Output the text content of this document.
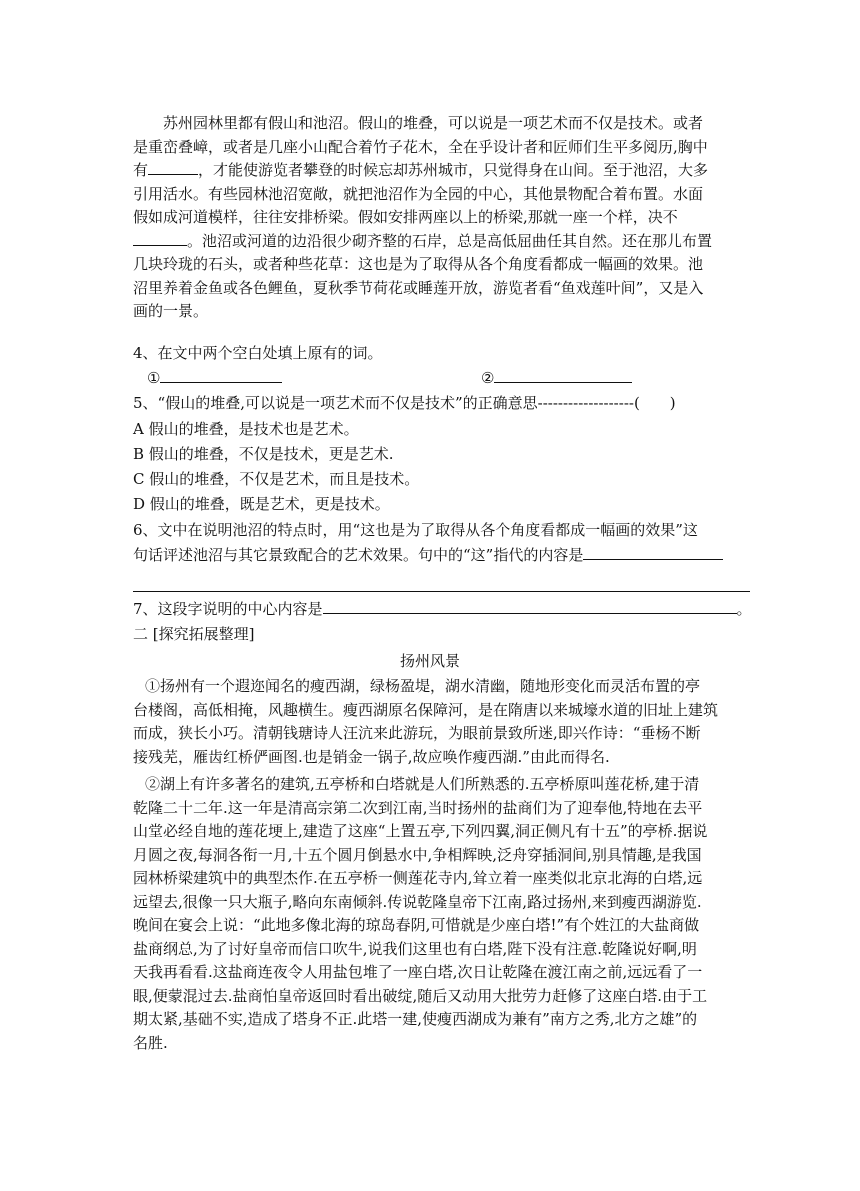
苏州园林里都有假山和池沼。假山的堆叠，可以说是一项艺术而不仅是技术。或者
是重峦叠嶂，或者是几座小山配合着竹子花木，全在乎设计者和匠师们生平多阅历,胸中
有	，才能使游览者攀登的时候忘却苏州城市，只觉得身在山间。至于池沼，大多
引用活水。有些园林池沼宽敞，就把池沼作为全园的中心，其他景物配合着布置。水面
假如成河道模样，往往安排桥梁。假如安排两座以上的桥梁,那就一座一个样，决不
。池沼或河道的边沿很少砌齐整的石岸，总是高低屈曲任其自然。还在那儿布置
几块玲珑的石头，或者种些花草：这也是为了取得从各个角度看都成一幅画的效果。池
沼里养着金鱼或各色鲤鱼，夏秋季节荷花或睡莲开放，游览者看“鱼戏莲叶间”，又是入
画的一景。
4、在文中两个空白处填上原有的词。
①	②
5、“假山的堆叠,可以说是一项艺术而不仅是技术”的正确意思-------------------(　　)
A 假山的堆叠，是技术也是艺术。
B 假山的堆叠，不仅是技术，更是艺术.
C 假山的堆叠，不仅是艺术，而且是技术。
D 假山的堆叠，既是艺术，更是技术。
6、文中在说明池沼的特点时，用“这也是为了取得从各个角度看都成一幅画的效果”这
句话评述池沼与其它景致配合的艺术效果。句中的“这”指代的内容是
7、这段字说明的中心内容是	。
二 [探究拓展整理]
扬州风景
①扬州有一个遐迩闻名的瘦西湖，绿杨盈堤，湖水清幽，随地形变化而灵活布置的亭
台楼阁，高低相掩，风趣横生。瘦西湖原名保障河，是在隋唐以来城壕水道的旧址上建筑
而成，狭长小巧。清朝钱瑭诗人汪沆来此游玩，为眼前景致所迷,即兴作诗：“垂杨不断
接残芜，雁齿红桥俨画图.也是销金一锅子,故应唤作瘦西湖.”由此而得名.
②湖上有许多著名的建筑,五亭桥和白塔就是人们所熟悉的.五亭桥原叫莲花桥,建于清
乾隆二十二年.这一年是清高宗第二次到江南,当时扬州的盐商们为了迎奉他,特地在去平
山堂必经自地的莲花埂上,建造了这座“上置五亭,下列四翼,洞正侧凡有十五”的亭桥.据说
月圆之夜,每洞各衔一月,十五个圆月倒悬水中,争相辉映,泛舟穿插洞间,别具情趣,是我国
园林桥梁建筑中的典型杰作.在五亭桥一侧莲花寺内,耸立着一座类似北京北海的白塔,远
远望去,很像一只大瓶子,略向东南倾斜.传说乾隆皇帝下江南,路过扬州,来到瘦西湖游览.
晚间在宴会上说：“此地多像北海的琼岛春阴,可惜就是少座白塔!”有个姓江的大盐商做
盐商纲总,为了讨好皇帝而信口吹牛,说我们这里也有白塔,陛下没有注意.乾隆说好啊,明
天我再看看.这盐商连夜令人用盐包堆了一座白塔,次日让乾隆在渡江南之前,远远看了一
眼,便蒙混过去.盐商怕皇帝返回时看出破绽,随后又动用大批劳力赶修了这座白塔.由于工
期太紧,基础不实,造成了塔身不正.此塔一建,使瘦西湖成为兼有”南方之秀,北方之雄”的
名胜.
